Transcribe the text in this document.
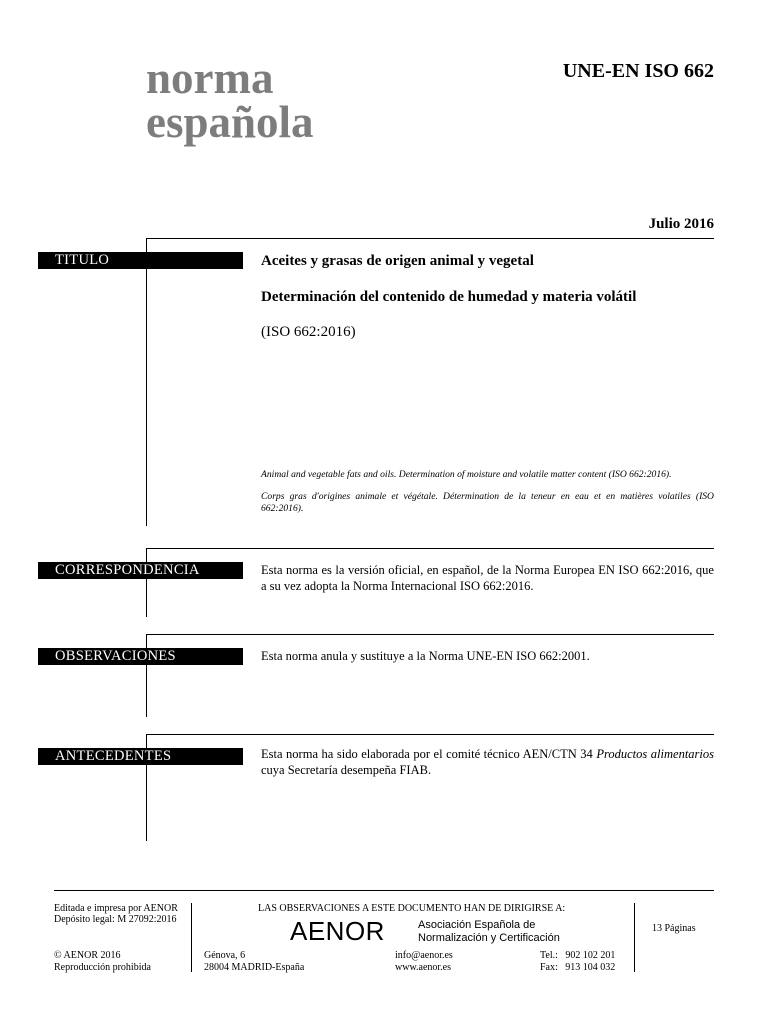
norma
española
UNE-EN ISO 662
Julio 2016
TITULO	Aceites y grasas de origen animal y vegetal
Determinación del contenido de humedad y materia volátil
(ISO 662:2016)
Animal and vegetable fats and oils. Determination of moisture and volatile matter content (ISO 662:2016).
Corps gras d'origines animale et végétale. Détermination de la teneur en eau et en matières volatiles (ISO 662:2016).
CORRESPONDENCIA	Esta norma es la versión oficial, en español, de la Norma Europea EN ISO 662:2016, que a su vez adopta la Norma Internacional ISO 662:2016.
OBSERVACIONES	Esta norma anula y sustituye a la Norma UNE-EN ISO 662:2001.
ANTECEDENTES	Esta norma ha sido elaborada por el comité técnico AEN/CTN 34 Productos alimentarios cuya Secretaría desempeña FIAB.
Editada e impresa por AENOR
Depósito legal: M 27092:2016
© AENOR 2016
Reproducción prohibida
LAS OBSERVACIONES A ESTE DOCUMENTO HAN DE DIRIGIRSE A:
AENOR	Asociación Española de
Normalización y Certificación
Génova, 6
28004 MADRID-España
info@aenor.es
www.aenor.es
Tel.:   902 102 201
Fax:   913 104 032
13 Páginas
